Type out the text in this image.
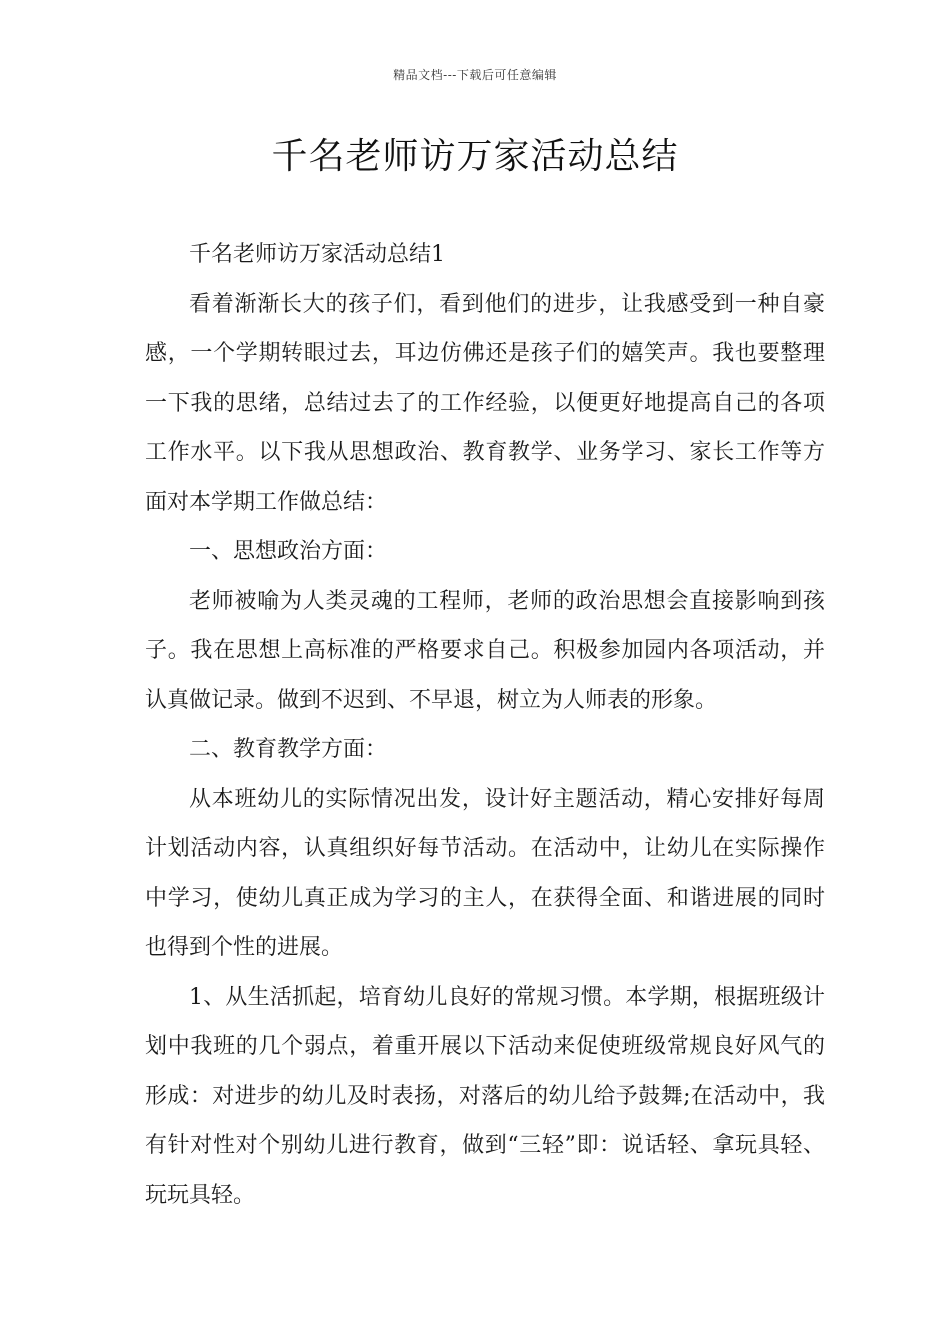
精品文档---下载后可任意编辑
千名老师访万家活动总结

千名老师访万家活动总结1

看着渐渐长大的孩子们，看到他们的进步，让我感受到一种自豪感，一个学期转眼过去，耳边仿佛还是孩子们的嬉笑声。我也要整理一下我的思绪，总结过去了的工作经验，以便更好地提高自己的各项工作水平。以下我从思想政治、教育教学、业务学习、家长工作等方面对本学期工作做总结：

一、思想政治方面：

老师被喻为人类灵魂的工程师，老师的政治思想会直接影响到孩子。我在思想上高标准的严格要求自己。积极参加园内各项活动，并认真做记录。做到不迟到、不早退，树立为人师表的形象。

二、教育教学方面：

从本班幼儿的实际情况出发，设计好主题活动，精心安排好每周计划活动内容，认真组织好每节活动。在活动中，让幼儿在实际操作中学习，使幼儿真正成为学习的主人，在获得全面、和谐进展的同时也得到个性的进展。

1、从生活抓起，培育幼儿良好的常规习惯。本学期，根据班级计划中我班的几个弱点，着重开展以下活动来促使班级常规良好风气的形成：对进步的幼儿及时表扬，对落后的幼儿给予鼓舞;在活动中，我有针对性对个别幼儿进行教育，做到“三轻”即：说话轻、拿玩具轻、玩玩具轻。
